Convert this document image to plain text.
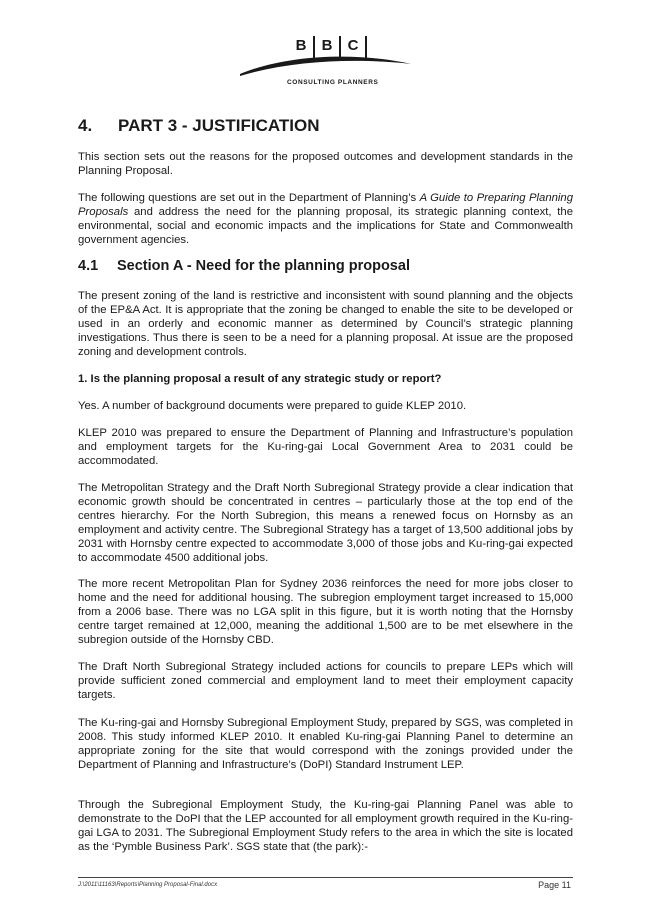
B	B	C
CONSULTING PLANNERS
4. PART 3 - JUSTIFICATION

This section sets out the reasons for the proposed outcomes and development standards in the Planning Proposal.

The following questions are set out in the Department of Planning’s A Guide to Preparing Planning Proposals and address the need for the planning proposal, its strategic planning context, the environmental, social and economic impacts and the implications for State and Commonwealth government agencies.

4.1 Section A - Need for the planning proposal

The present zoning of the land is restrictive and inconsistent with sound planning and the objects of the EP&A Act. It is appropriate that the zoning be changed to enable the site to be developed or used in an orderly and economic manner as determined by Council’s strategic planning investigations. Thus there is seen to be a need for a planning proposal. At issue are the proposed zoning and development controls.

1. Is the planning proposal a result of any strategic study or report?

Yes. A number of background documents were prepared to guide KLEP 2010.

KLEP 2010 was prepared to ensure the Department of Planning and Infrastructure’s population and employment targets for the Ku-ring-gai Local Government Area to 2031 could be accommodated.

The Metropolitan Strategy and the Draft North Subregional Strategy provide a clear indication that economic growth should be concentrated in centres – particularly those at the top end of the centres hierarchy. For the North Subregion, this means a renewed focus on Hornsby as an employment and activity centre. The Subregional Strategy has a target of 13,500 additional jobs by 2031 with Hornsby centre expected to accommodate 3,000 of those jobs and Ku-ring-gai expected to accommodate 4500 additional jobs.

The more recent Metropolitan Plan for Sydney 2036 reinforces the need for more jobs closer to home and the need for additional housing. The subregion employment target increased to 15,000 from a 2006 base. There was no LGA split in this figure, but it is worth noting that the Hornsby centre target remained at 12,000, meaning the additional 1,500 are to be met elsewhere in the subregion outside of the Hornsby CBD.

The Draft North Subregional Strategy included actions for councils to prepare LEPs which will provide sufficient zoned commercial and employment land to meet their employment capacity targets.

The Ku-ring-gai and Hornsby Subregional Employment Study, prepared by SGS, was completed in 2008. This study informed KLEP 2010. It enabled Ku-ring-gai Planning Panel to determine an appropriate zoning for the site that would correspond with the zonings provided under the Department of Planning and Infrastructure’s (DoPI) Standard Instrument LEP.

Through the Subregional Employment Study, the Ku-ring-gai Planning Panel was able to demonstrate to the DoPI that the LEP accounted for all employment growth required in the Ku-ring-gai LGA to 2031. The Subregional Employment Study refers to the area in which the site is located as the ‘Pymble Business Park’. SGS state that (the park):-

J:\2011\11163\Reports\Planning Proposal-Final.docx	Page 11
